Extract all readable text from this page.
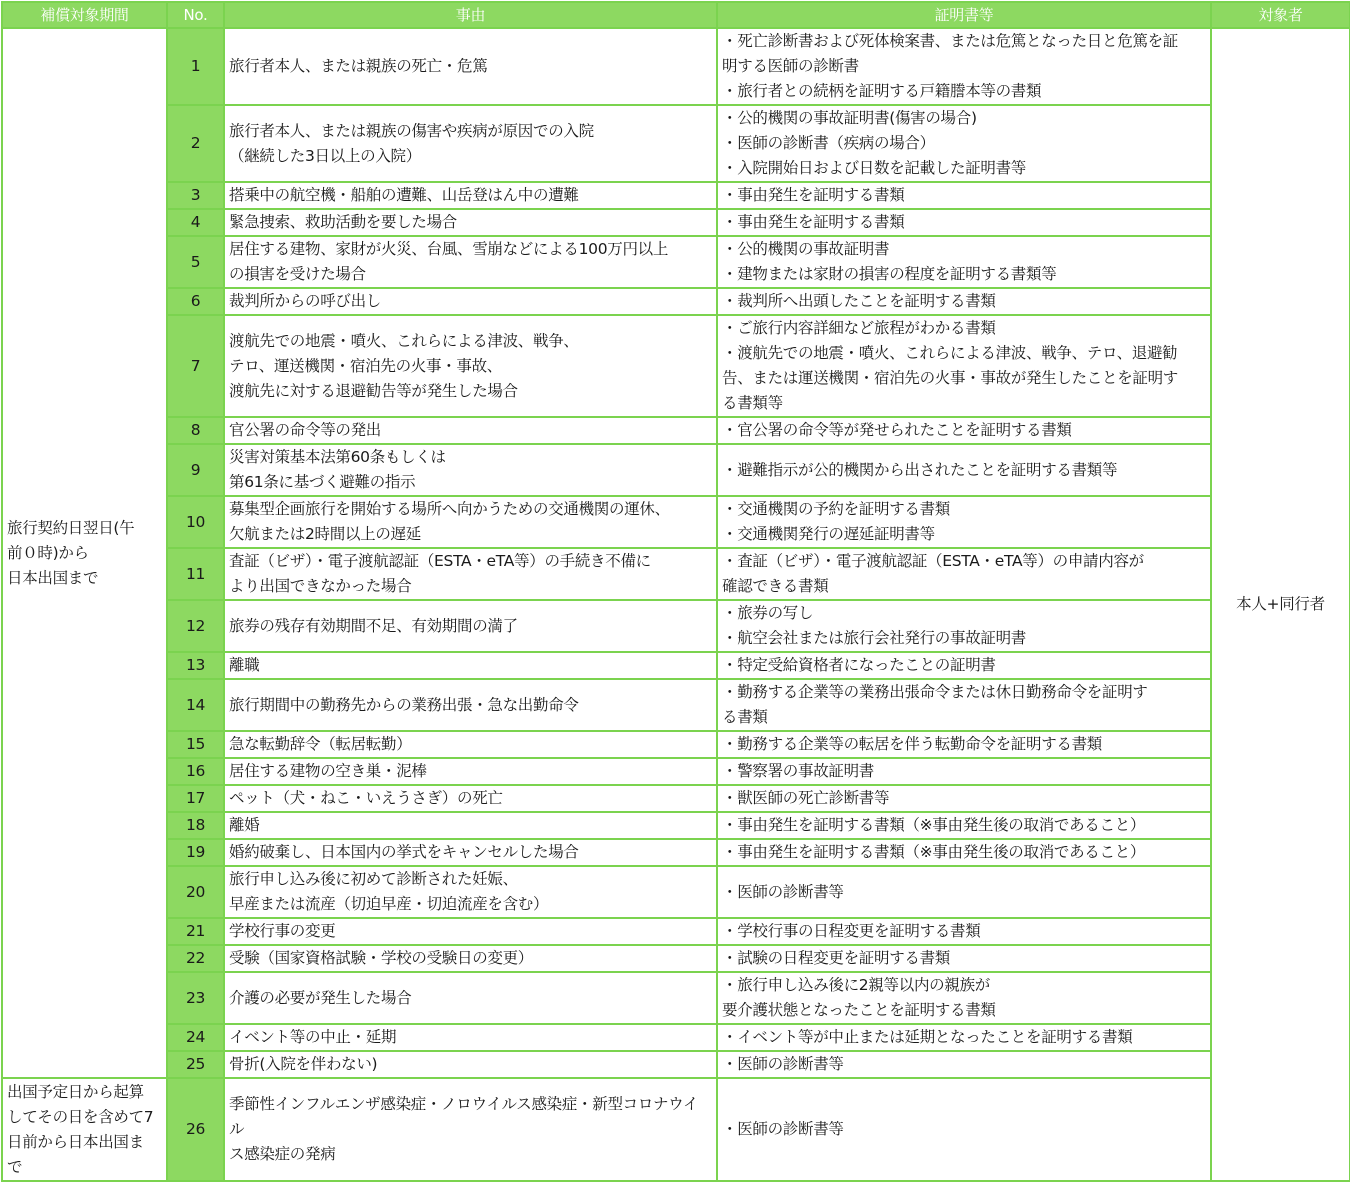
補償対象期間	No.	事由	証明書等	対象者
旅行契約日翌日(午
前０時)から
日本出国まで	1	旅行者本人、または親族の死亡・危篤	・死亡診断書および死体検案書、または危篤となった日と危篤を証
明する医師の診断書
・旅行者との続柄を証明する戸籍謄本等の書類	本人+同行者
	2	旅行者本人、または親族の傷害や疾病が原因での入院
（継続した3日以上の入院）	・公的機関の事故証明書(傷害の場合)
・医師の診断書（疾病の場合）
・入院開始日および日数を記載した証明書等	
	3	搭乗中の航空機・船舶の遭難、山岳登はん中の遭難	・事由発生を証明する書類	
	4	緊急捜索、救助活動を要した場合	・事由発生を証明する書類	
	5	居住する建物、家財が火災、台風、雪崩などによる100万円以上
の損害を受けた場合	・公的機関の事故証明書
・建物または家財の損害の程度を証明する書類等	
	6	裁判所からの呼び出し	・裁判所へ出頭したことを証明する書類	
	7	渡航先での地震・噴火、これらによる津波、戦争、
テロ、運送機関・宿泊先の火事・事故、
渡航先に対する退避勧告等が発生した場合	・ご旅行内容詳細など旅程がわかる書類
・渡航先での地震・噴火、これらによる津波、戦争、テロ、退避勧
告、または運送機関・宿泊先の火事・事故が発生したことを証明す
る書類等	
	8	官公署の命令等の発出	・官公署の命令等が発せられたことを証明する書類	
	9	災害対策基本法第60条もしくは
第61条に基づく避難の指示	・避難指示が公的機関から出されたことを証明する書類等	
	10	募集型企画旅行を開始する場所へ向かうための交通機関の運休、
欠航または2時間以上の遅延	・交通機関の予約を証明する書類
・交通機関発行の遅延証明書等	
	11	査証（ビザ）・電子渡航認証（ESTA・eTA等）の手続き不備に
より出国できなかった場合	・査証（ビザ）・電子渡航認証（ESTA・eTA等）の申請内容が
確認できる書類	
	12	旅券の残存有効期間不足、有効期間の満了	・旅券の写し
・航空会社または旅行会社発行の事故証明書	
	13	離職	・特定受給資格者になったことの証明書	
	14	旅行期間中の勤務先からの業務出張・急な出勤命令	・勤務する企業等の業務出張命令または休日勤務命令を証明す
る書類	
	15	急な転勤辞令（転居転勤）	・勤務する企業等の転居を伴う転勤命令を証明する書類	
	16	居住する建物の空き巣・泥棒	・警察署の事故証明書	
	17	ペット（犬・ねこ・いえうさぎ）の死亡	・獣医師の死亡診断書等	
	18	離婚	・事由発生を証明する書類（※事由発生後の取消であること）	
	19	婚約破棄し、日本国内の挙式をキャンセルした場合	・事由発生を証明する書類（※事由発生後の取消であること）	
	20	旅行申し込み後に初めて診断された妊娠、
早産または流産（切迫早産・切迫流産を含む）	・医師の診断書等	
	21	学校行事の変更	・学校行事の日程変更を証明する書類	
	22	受験（国家資格試験・学校の受験日の変更）	・試験の日程変更を証明する書類	
	23	介護の必要が発生した場合	・旅行申し込み後に2親等以内の親族が
要介護状態となったことを証明する書類	
	24	イベント等の中止・延期	・イベント等が中止または延期となったことを証明する書類	
	25	骨折(入院を伴わない)	・医師の診断書等	
出国予定日から起算
してその日を含めて7
日前から日本出国ま
で	26	季節性インフルエンザ感染症・ノロウイルス感染症・新型コロナウイル
ス感染症の発病	・医師の診断書等	
